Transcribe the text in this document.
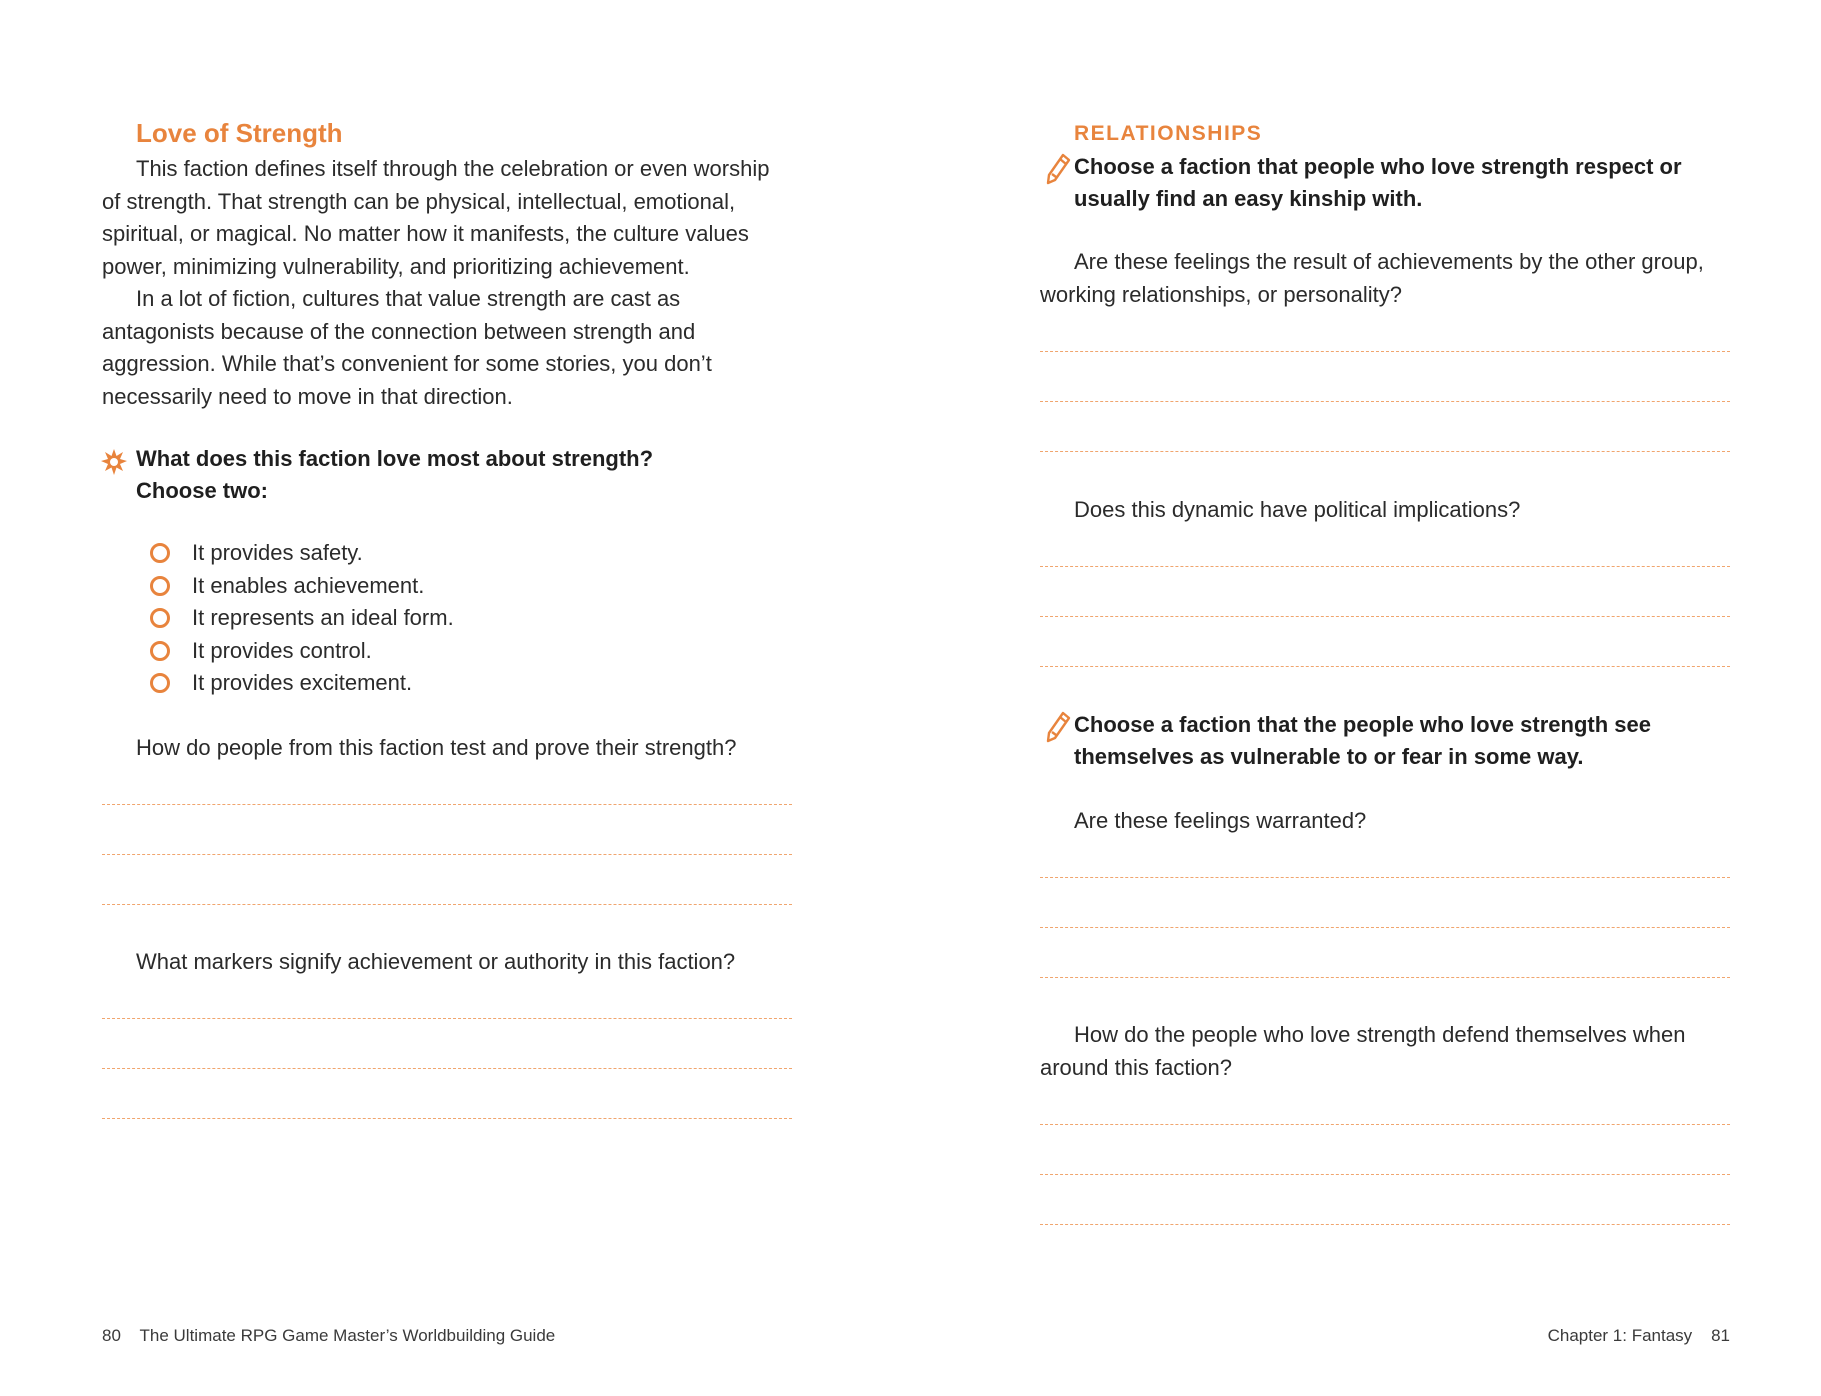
Love of Strength

This faction defines itself through the celebration or even worship of strength. That strength can be physical, intellectual, emotional, spiritual, or magical. No matter how it manifests, the culture values power, minimizing vulnerability, and prioritizing achievement.

In a lot of fiction, cultures that value strength are cast as antagonists because of the connection between strength and aggression. While that’s convenient for some stories, you don’t necessarily need to move in that direction.

What does this faction love most about strength?
Choose two:
It provides safety.
It enables achievement.
It represents an ideal form.
It provides control.
It provides excitement.
How do people from this faction test and prove their strength?
What markers signify achievement or authority in this faction?
80 The Ultimate RPG Game Master’s Worldbuilding Guide
RELATIONSHIPS
Choose a faction that people who love strength respect or usually find an easy kinship with.
Are these feelings the result of achievements by the other group, working relationships, or personality?
Does this dynamic have political implications?
Choose a faction that the people who love strength see themselves as vulnerable to or fear in some way.
Are these feelings warranted?
How do the people who love strength defend themselves when around this faction?
Chapter 1: Fantasy 81
